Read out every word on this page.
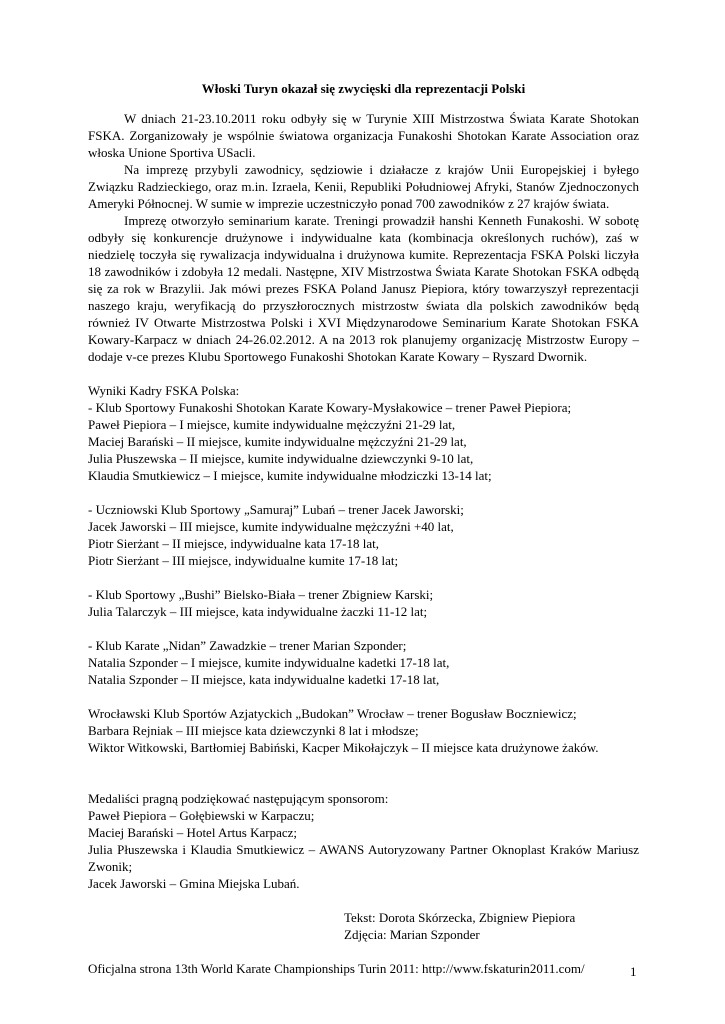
Włoski Turyn okazał się zwycięski dla reprezentacji Polski

W dniach 21-23.10.2011 roku odbyły się w Turynie XIII Mistrzostwa Świata Karate Shotokan FSKA. Zorganizowały je wspólnie światowa organizacja Funakoshi Shotokan Karate Association oraz włoska Unione Sportiva USacli.

Na imprezę przybyli zawodnicy, sędziowie i działacze z krajów Unii Europejskiej i byłego Związku Radzieckiego, oraz m.in. Izraela, Kenii, Republiki Południowej Afryki, Stanów Zjednoczonych Ameryki Północnej. W sumie w imprezie uczestniczyło ponad 700 zawodników z 27 krajów świata.

Imprezę otworzyło seminarium karate. Treningi prowadził hanshi Kenneth Funakoshi. W sobotę odbyły się konkurencje drużynowe i indywidualne kata (kombinacja określonych ruchów), zaś w niedzielę toczyła się rywalizacja indywidualna i drużynowa kumite. Reprezentacja FSKA Polski liczyła 18 zawodników i zdobyła 12 medali. Następne, XIV Mistrzostwa Świata Karate Shotokan FSKA odbędą się za rok w Brazylii. Jak mówi prezes FSKA Poland Janusz Piepiora, który towarzyszył reprezentacji naszego kraju, weryfikacją do przyszłorocznych mistrzostw świata dla polskich zawodników będą również IV Otwarte Mistrzostwa Polski i XVI Międzynarodowe Seminarium Karate Shotokan FSKA Kowary-Karpacz w dniach 24-26.02.2012. A na 2013 rok planujemy organizację Mistrzostw Europy – dodaje v-ce prezes Klubu Sportowego Funakoshi Shotokan Karate Kowary – Ryszard Dwornik.

Wyniki Kadry FSKA Polska:
- Klub Sportowy Funakoshi Shotokan Karate Kowary-Mysłakowice – trener Paweł Piepiora;
Paweł Piepiora – I miejsce, kumite indywidualne mężczyźni 21-29 lat,
Maciej Barański – II miejsce, kumite indywidualne mężczyźni 21-29 lat,
Julia Płuszewska – II miejsce, kumite indywidualne dziewczynki 9-10 lat,
Klaudia Smutkiewicz – I miejsce, kumite indywidualne młodziczki 13-14 lat;
- Uczniowski Klub Sportowy „Samuraj” Lubań – trener Jacek Jaworski;
Jacek Jaworski – III miejsce, kumite indywidualne mężczyźni +40 lat,
Piotr Sierżant – II miejsce, indywidualne kata 17-18 lat,
Piotr Sierżant – III miejsce, indywidualne kumite 17-18 lat;
- Klub Sportowy „Bushi” Bielsko-Biała – trener Zbigniew Karski;
Julia Talarczyk – III miejsce, kata indywidualne żaczki 11-12 lat;
- Klub Karate „Nidan” Zawadzkie – trener Marian Szponder;
Natalia Szponder – I miejsce, kumite indywidualne kadetki 17-18 lat,
Natalia Szponder – II miejsce, kata indywidualne kadetki 17-18 lat,
Wrocławski Klub Sportów Azjatyckich „Budokan” Wrocław – trener Bogusław Boczniewicz;
Barbara Rejniak – III miejsce kata dziewczynki 8 lat i młodsze;
Wiktor Witkowski, Bartłomiej Babiński, Kacper Mikołajczyk – II miejsce kata drużynowe żaków.
Medaliści pragną podziękować następującym sponsorom:
Paweł Piepiora – Gołębiewski w Karpaczu;
Maciej Barański – Hotel Artus Karpacz;

Julia Płuszewska i Klaudia Smutkiewicz – AWANS Autoryzowany Partner Oknoplast Kraków Mariusz Zwonik;

Jacek Jaworski – Gmina Miejska Lubań.
Tekst: Dorota Skórzecka, Zbigniew Piepiora
Zdjęcia: Marian Szponder
Oficjalna strona 13th World Karate Championships Turin 2011: http://www.fskaturin2011.com/	1
